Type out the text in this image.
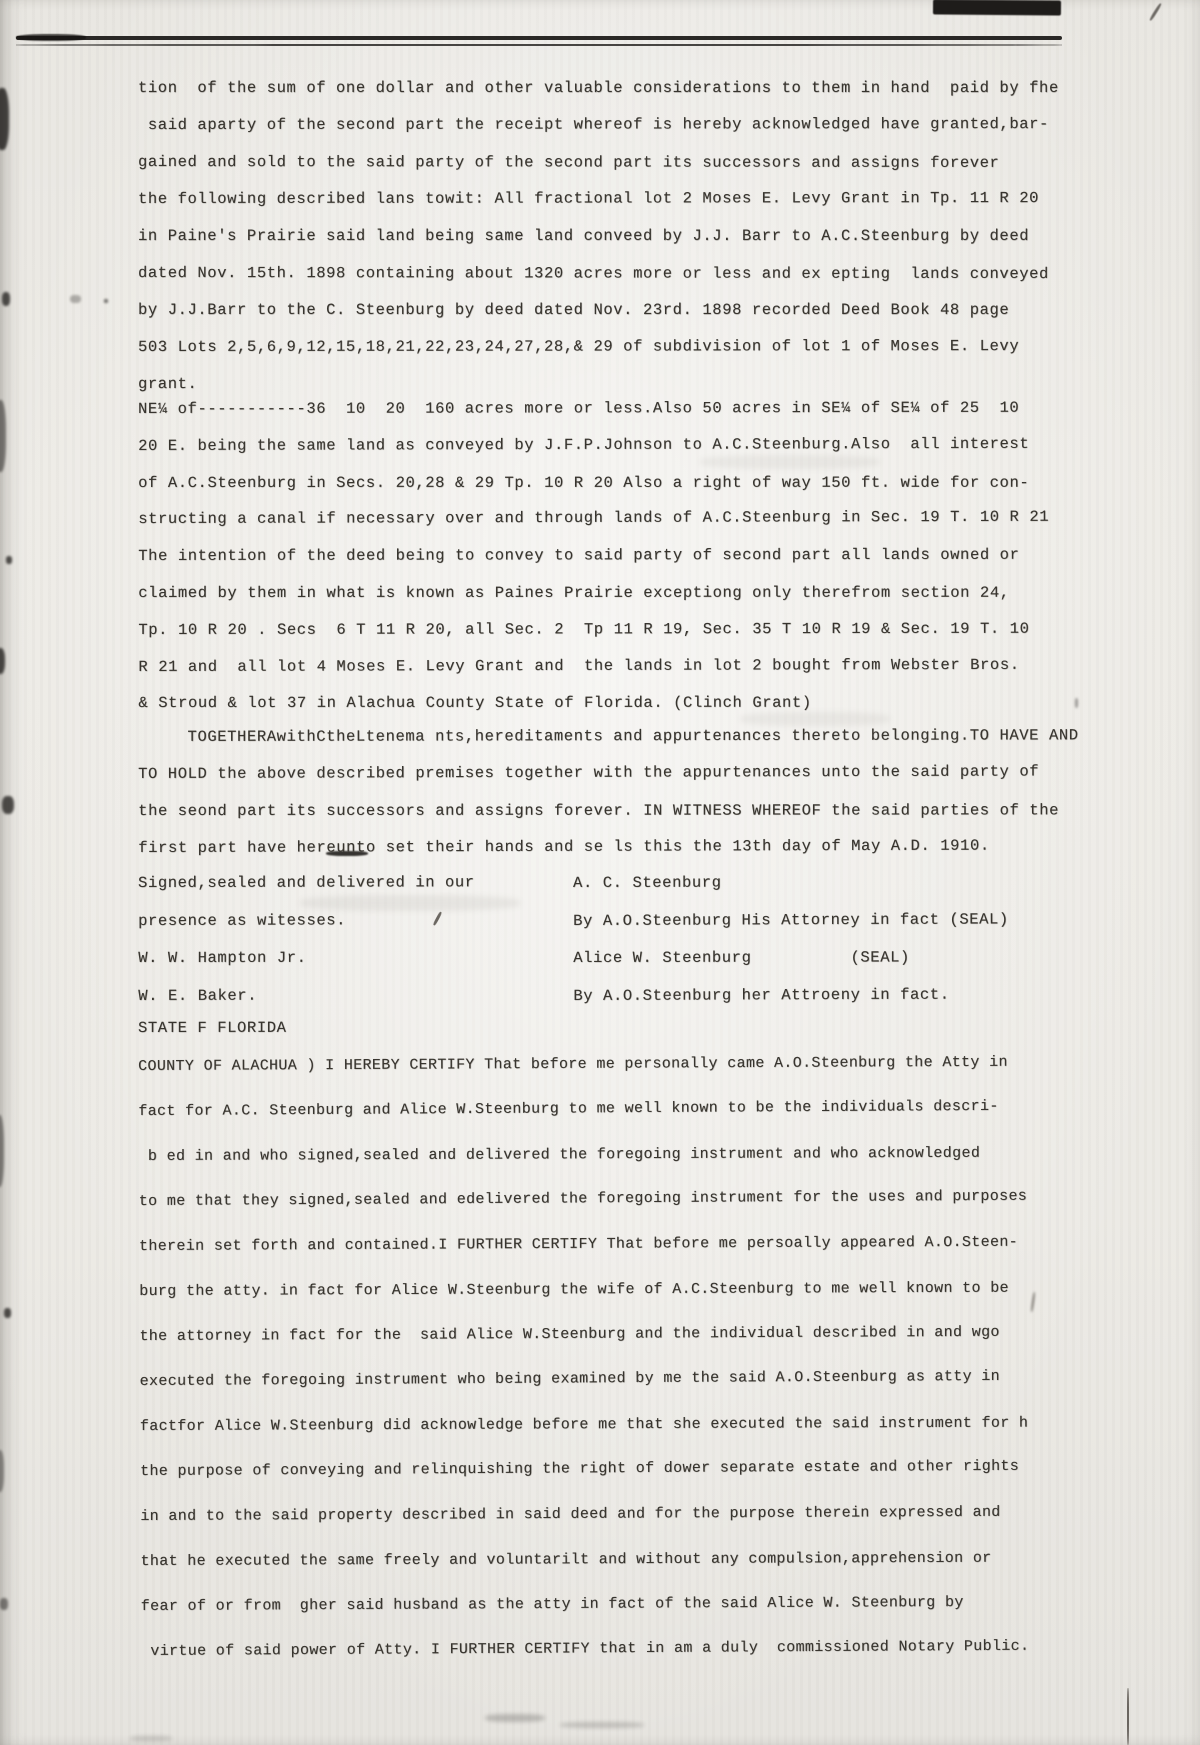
tion  of the sum of one dollar and other valuable considerations to them in hand  paid by fhe
said aparty of the second part the receipt whereof is hereby acknowledged have granted,bar-
gained and sold to the said party of the second part its successors and assigns forever
the following described lans towit: All fractional lot 2 Moses E. Levy Grant in Tp. 11 R 20
in Paine's Prairie said land being same land conveed by J.J. Barr to A.C.Steenburg by deed
dated Nov. 15th. 1898 containing about 1320 acres more or less and ex epting  lands conveyed
by J.J.Barr to the C. Steenburg by deed dated Nov. 23rd. 1898 recorded Deed Book 48 page
503 Lots 2,5,6,9,12,15,18,21,22,23,24,27,28,& 29 of subdivision of lot 1 of Moses E. Levy
grant.
NE¼ of-----------36  10  20  160 acres more or less.Also 50 acres in SE¼ of SE¼ of 25  10
20 E. being the same land as conveyed by J.F.P.Johnson to A.C.Steenburg.Also  all interest
of A.C.Steenburg in Secs. 20,28 & 29 Tp. 10 R 20 Also a right of way 150 ft. wide for con-
structing a canal if necessary over and through lands of A.C.Steenburg in Sec. 19 T. 10 R 21
The intention of the deed being to convey to said party of second part all lands owned or
claimed by them in what is known as Paines Prairie exceptiong only therefrom section 24,
Tp. 10 R 20 . Secs  6 T 11 R 20, all Sec. 2  Tp 11 R 19, Sec. 35 T 10 R 19 & Sec. 19 T. 10
R 21 and  all lot 4 Moses E. Levy Grant and  the lands in lot 2 bought from Webster Bros.
& Stroud & lot 37 in Alachua County State of Florida. (Clinch Grant)
TOGETHERAwithCtheLtenema nts,hereditaments and appurtenances thereto belonging.TO HAVE AND
TO HOLD the above described premises together with the appurtenances unto the said party of
the seond part its successors and assigns forever. IN WITNESS WHEREOF the said parties of the
first part have hereunto set their hands and se ls this the 13th day of May A.D. 1910.
Signed,sealed and delivered in our
presence as witesses.
W. W. Hampton Jr.
W. E. Baker.
A. C. Steenburg
By A.O.Steenburg His Attorney in fact (SEAL)
Alice W. Steenburg          (SEAL)
By A.O.Steenburg her Attroeny in fact.
STATE F FLORIDA
COUNTY OF ALACHUA ) I HEREBY CERTIFY That before me personally came A.O.Steenburg the Atty in
fact for A.C. Steenburg and Alice W.Steenburg to me well known to be the individuals descri-
b ed in and who signed,sealed and delivered the foregoing instrument and who acknowledged
to me that they signed,sealed and edelivered the foregoing instrument for the uses and purposes
therein set forth and contained.I FURTHER CERTIFY That before me persoally appeared A.O.Steen-
burg the atty. in fact for Alice W.Steenburg the wife of A.C.Steenburg to me well known to be
the attorney in fact for the  said Alice W.Steenburg and the individual described in and wgo
executed the foregoing instrument who being examined by me the said A.O.Steenburg as atty in
factfor Alice W.Steenburg did acknowledge before me that she executed the said instrument for h
the purpose of conveying and relinquishing the right of dower separate estate and other rights
in and to the said property described in said deed and for the purpose therein expressed and
that he executed the same freely and voluntarilt and without any compulsion,apprehension or
fear of or from  gher said husband as the atty in fact of the said Alice W. Steenburg by
virtue of said power of Atty. I FURTHER CERTIFY that in am a duly  commissioned Notary Public.
